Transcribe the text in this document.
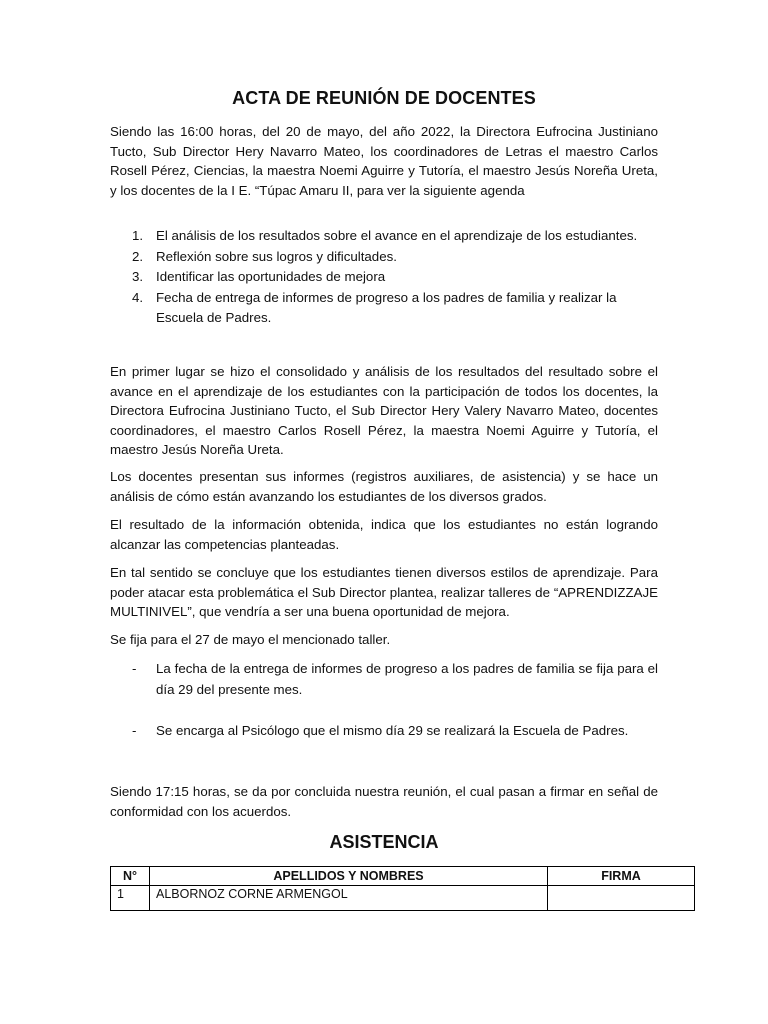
ACTA DE REUNIÓN DE DOCENTES

Siendo las 16:00 horas, del 20 de mayo, del año 2022, la Directora Eufrocina Justiniano Tucto, Sub Director Hery Navarro Mateo, los coordinadores de Letras el maestro Carlos Rosell Pérez, Ciencias, la maestra Noemi Aguirre y Tutoría, el maestro Jesús Noreña Ureta, y los docentes de la I E. “Túpac Amaru II, para ver la siguiente agenda

1. El análisis de los resultados sobre el avance en el aprendizaje de los estudiantes.
2. Reflexión sobre sus logros y dificultades.
3. Identificar las oportunidades de mejora
4. Fecha de entrega de informes de progreso a los padres de familia y realizar la Escuela de Padres.

En primer lugar se hizo el consolidado y análisis de los resultados del resultado sobre el avance en el aprendizaje de los estudiantes con la participación de todos los docentes, la Directora Eufrocina Justiniano Tucto, el Sub Director Hery Valery Navarro Mateo, docentes coordinadores, el maestro Carlos Rosell Pérez, la maestra Noemi Aguirre y Tutoría, el maestro Jesús Noreña Ureta.

Los docentes presentan sus informes (registros auxiliares, de asistencia) y se hace un análisis de cómo están avanzando los estudiantes de los diversos grados.

El resultado de la información obtenida, indica que los estudiantes no están logrando alcanzar las competencias planteadas.

En tal sentido se concluye que los estudiantes tienen diversos estilos de aprendizaje. Para poder atacar esta problemática el Sub Director plantea, realizar talleres de “APRENDIZZAJE MULTINIVEL”, que vendría a ser una buena oportunidad de mejora.

Se fija para el 27 de mayo el mencionado taller.

- La fecha de la entrega de informes de progreso a los padres de familia se fija para el día 29 del presente mes.
- Se encarga al Psicólogo que el mismo día 29 se realizará la Escuela de Padres.

Siendo 17:15 horas, se da por concluida nuestra reunión, el cual pasan a firmar en señal de conformidad con los acuerdos.

ASISTENCIA
N°	APELLIDOS Y NOMBRES	FIRMA
1	ALBORNOZ CORNE ARMENGOL	
